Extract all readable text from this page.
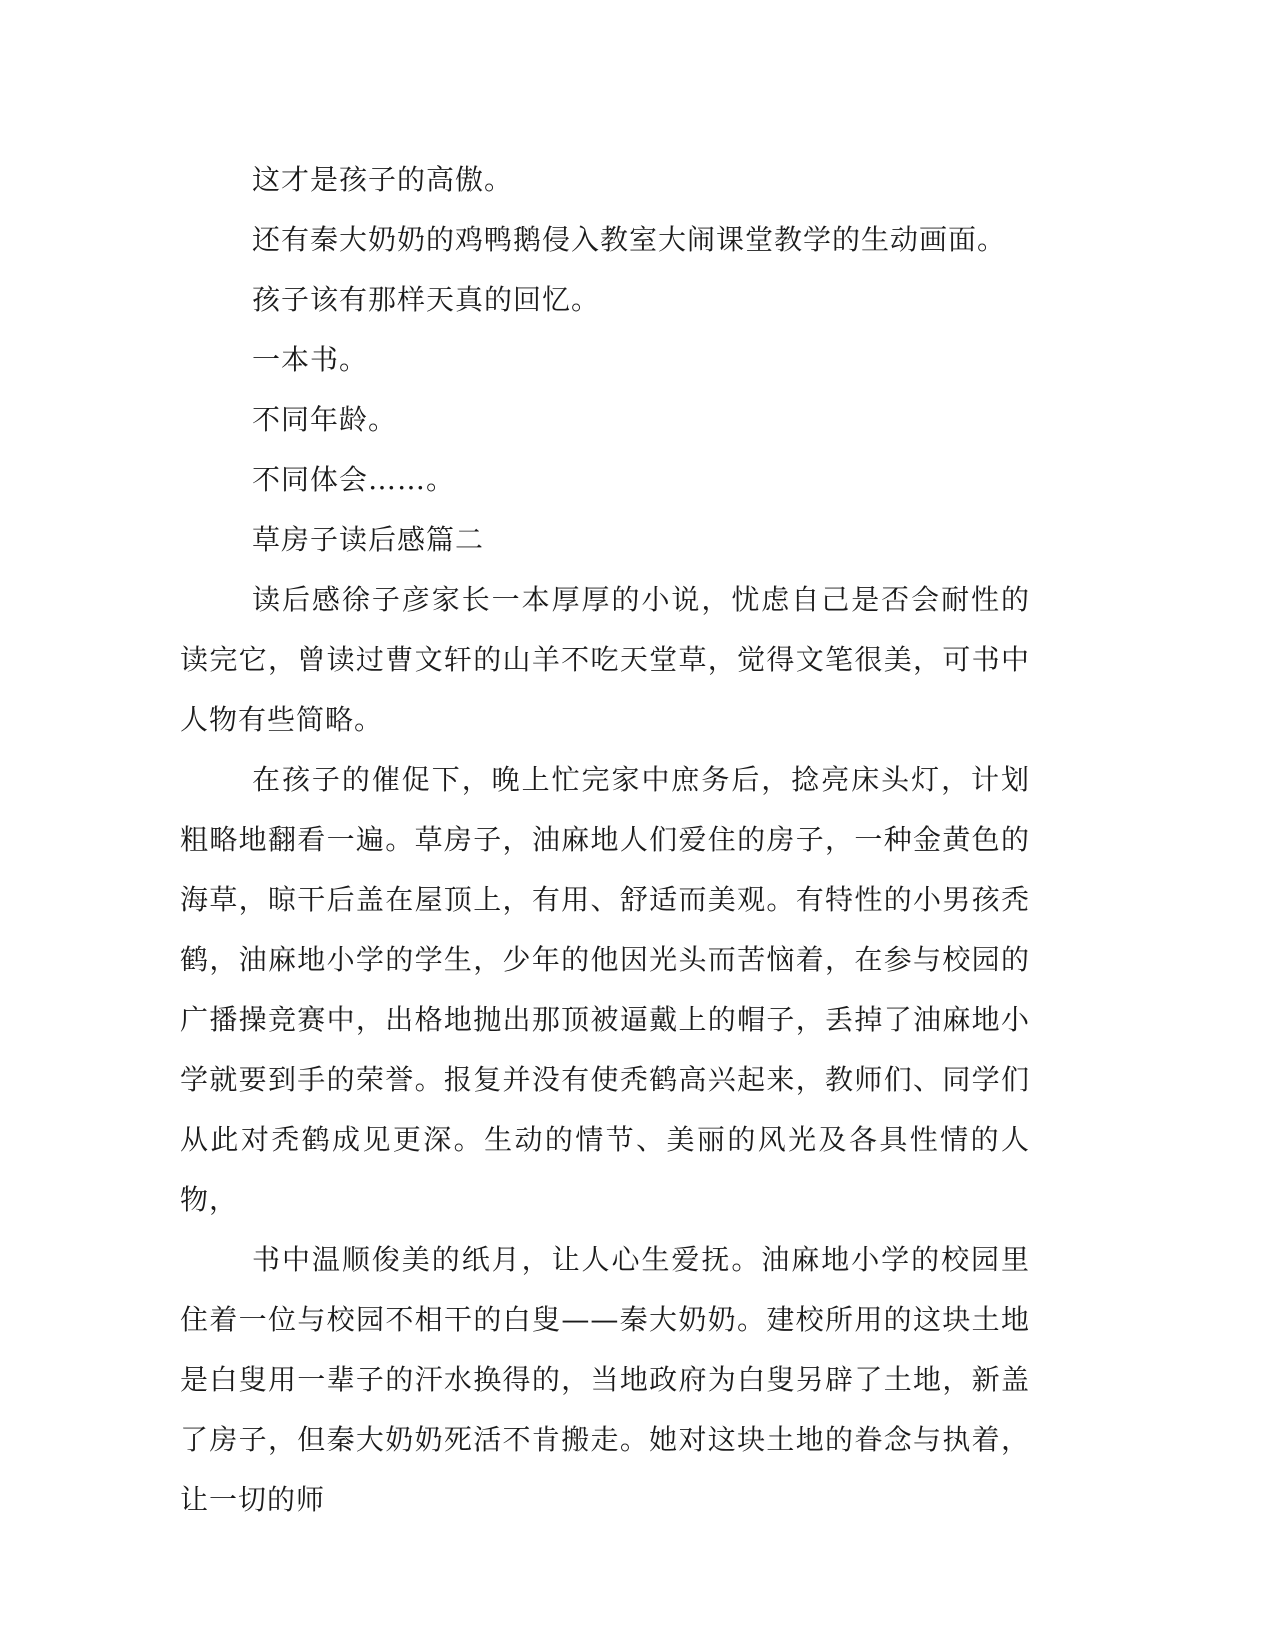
这才是孩子的高傲。
还有秦大奶奶的鸡鸭鹅侵入教室大闹课堂教学的生动画面。
孩子该有那样天真的回忆。
一本书。
不同年龄。
不同体会……。
草房子读后感篇二

读后感徐子彦家长一本厚厚的小说，忧虑自己是否会耐性的读完它，曾读过曹文轩的山羊不吃天堂草，觉得文笔很美，可书中人物有些简略。

在孩子的催促下，晚上忙完家中庶务后，捻亮床头灯，计划粗略地翻看一遍。草房子，油麻地人们爱住的房子，一种金黄色的海草，晾干后盖在屋顶上，有用、舒适而美观。有特性的小男孩秃鹤，油麻地小学的学生，少年的他因光头而苦恼着，在参与校园的广播操竞赛中，出格地抛出那顶被逼戴上的帽子，丢掉了油麻地小学就要到手的荣誉。报复并没有使秃鹤高兴起来，教师们、同学们从此对秃鹤成见更深。生动的情节、美丽的风光及各具性情的人物，

书中温顺俊美的纸月，让人心生爱抚。油麻地小学的校园里住着一位与校园不相干的白叟——秦大奶奶。建校所用的这块土地是白叟用一辈子的汗水换得的，当地政府为白叟另辟了土地，新盖了房子，但秦大奶奶死活不肯搬走。她对这块土地的眷念与执着，让一切的师
